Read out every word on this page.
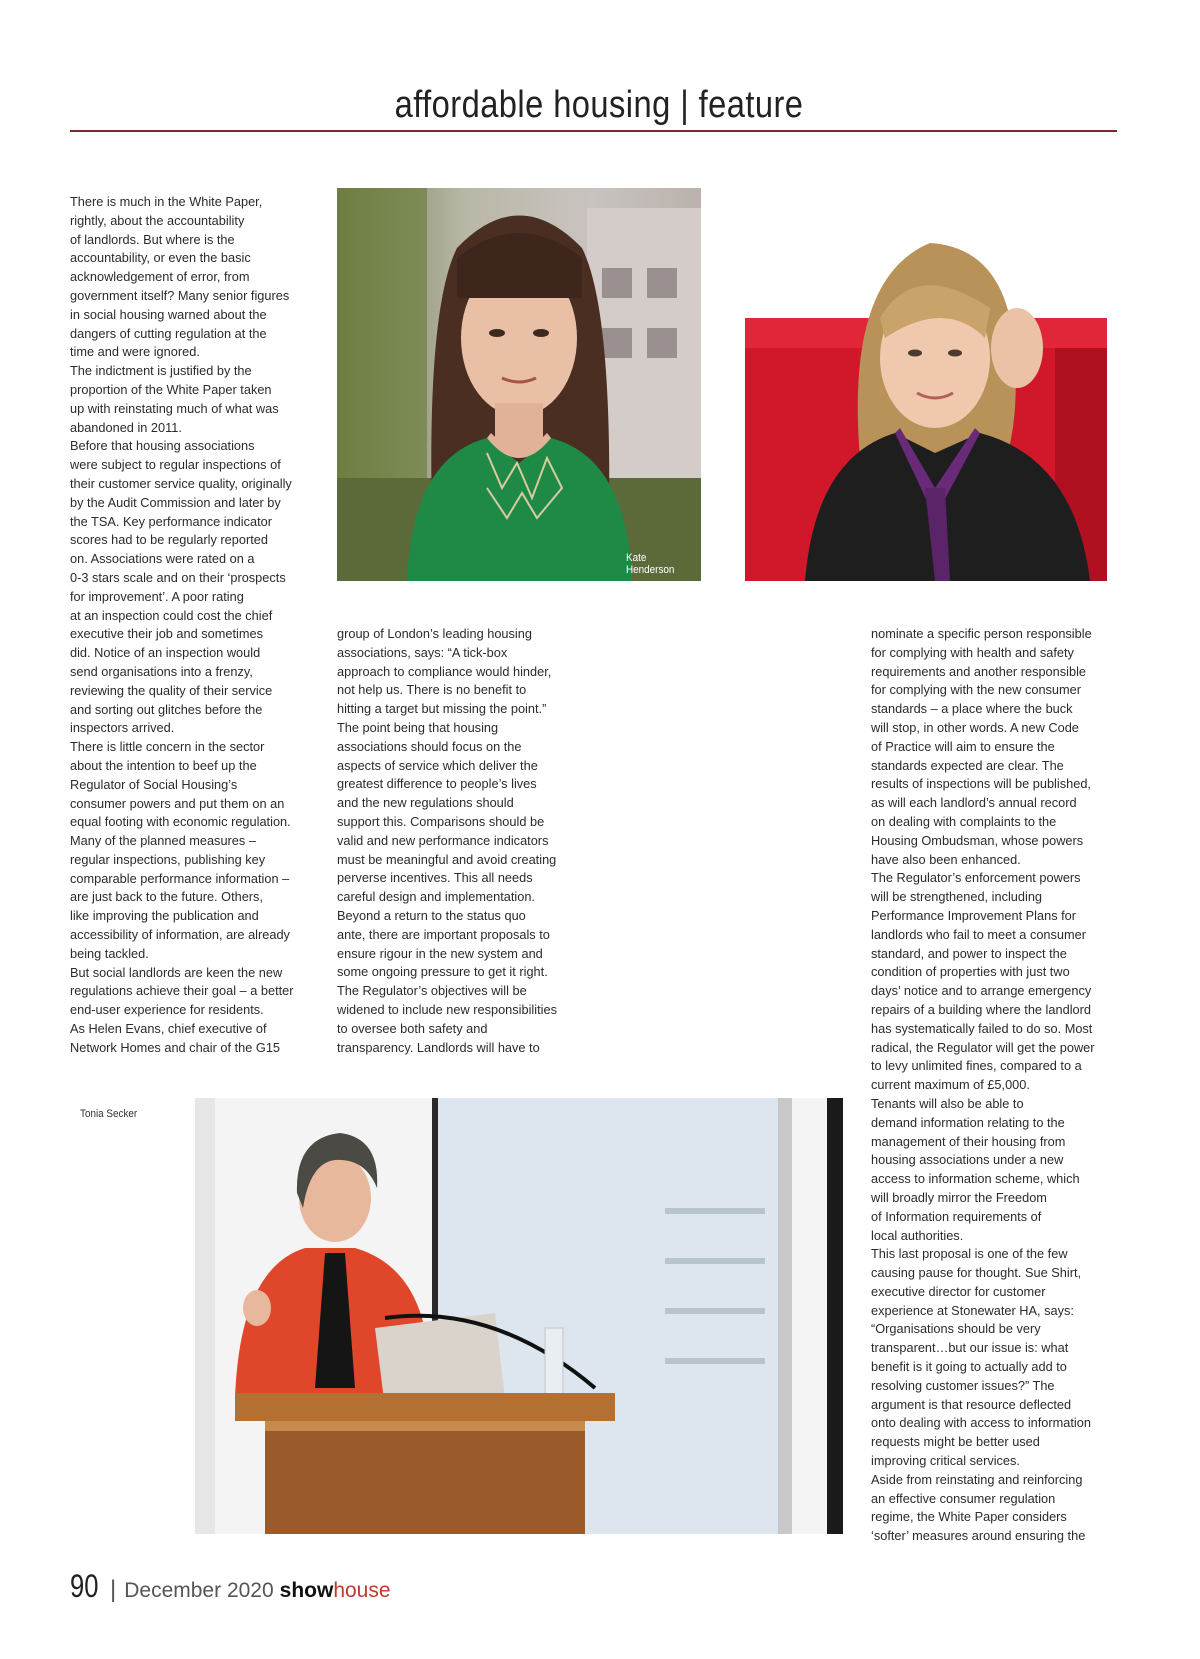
affordable housing | feature
There is much in the White Paper,
rightly, about the accountability
of landlords. But where is the
accountability, or even the basic
acknowledgement of error, from
government itself? Many senior figures
in social housing warned about the
dangers of cutting regulation at the
time and were ignored.
The indictment is justified by the
proportion of the White Paper taken
up with reinstating much of what was
abandoned in 2011.
Before that housing associations
were subject to regular inspections of
their customer service quality, originally
by the Audit Commission and later by
the TSA. Key performance indicator
scores had to be regularly reported
on. Associations were rated on a
0-3 stars scale and on their ‘prospects
for improvement’. A poor rating
at an inspection could cost the chief
executive their job and sometimes
did. Notice of an inspection would
send organisations into a frenzy,
reviewing the quality of their service
and sorting out glitches before the
inspectors arrived.
There is little concern in the sector
about the intention to beef up the
Regulator of Social Housing’s
consumer powers and put them on an
equal footing with economic regulation.
Many of the planned measures –
regular inspections, publishing key
comparable performance information –
are just back to the future. Others,
like improving the publication and
accessibility of information, are already
being tackled.
But social landlords are keen the new
regulations achieve their goal – a better
end-user experience for residents.
As Helen Evans, chief executive of
Network Homes and chair of the G15
Kate Henderson
group of London’s leading housing
associations, says: “A tick-box
approach to compliance would hinder,
not help us. There is no benefit to
hitting a target but missing the point.”
The point being that housing
associations should focus on the
aspects of service which deliver the
greatest difference to people’s lives
and the new regulations should
support this. Comparisons should be
valid and new performance indicators
must be meaningful and avoid creating
perverse incentives. This all needs
careful design and implementation.
Beyond a return to the status quo
ante, there are important proposals to
ensure rigour in the new system and
some ongoing pressure to get it right.
The Regulator’s objectives will be
widened to include new responsibilities
to oversee both safety and
transparency. Landlords will have to
nominate a specific person responsible
for complying with health and safety
requirements and another responsible
for complying with the new consumer
standards – a place where the buck
will stop, in other words. A new Code
of Practice will aim to ensure the
standards expected are clear. The
results of inspections will be published,
as will each landlord’s annual record
on dealing with complaints to the
Housing Ombudsman, whose powers
have also been enhanced.
The Regulator’s enforcement powers
will be strengthened, including
Performance Improvement Plans for
landlords who fail to meet a consumer
standard, and power to inspect the
condition of properties with just two
days’ notice and to arrange emergency
repairs of a building where the landlord
has systematically failed to do so. Most
radical, the Regulator will get the power
to levy unlimited fines, compared to a
current maximum of £5,000.
Tenants will also be able to
demand information relating to the
management of their housing from
housing associations under a new
access to information scheme, which
will broadly mirror the Freedom
of Information requirements of
local authorities.
This last proposal is one of the few
causing pause for thought. Sue Shirt,
executive director for customer
experience at Stonewater HA, says:
“Organisations should be very
transparent…but our issue is: what
benefit is it going to actually add to
resolving customer issues?” The
argument is that resource deflected
onto dealing with access to information
requests might be better used
improving critical services.
Aside from reinstating and reinforcing
an effective consumer regulation
regime, the White Paper considers
‘softer’ measures around ensuring the
Tonia Secker
90 | December 2020 show house
